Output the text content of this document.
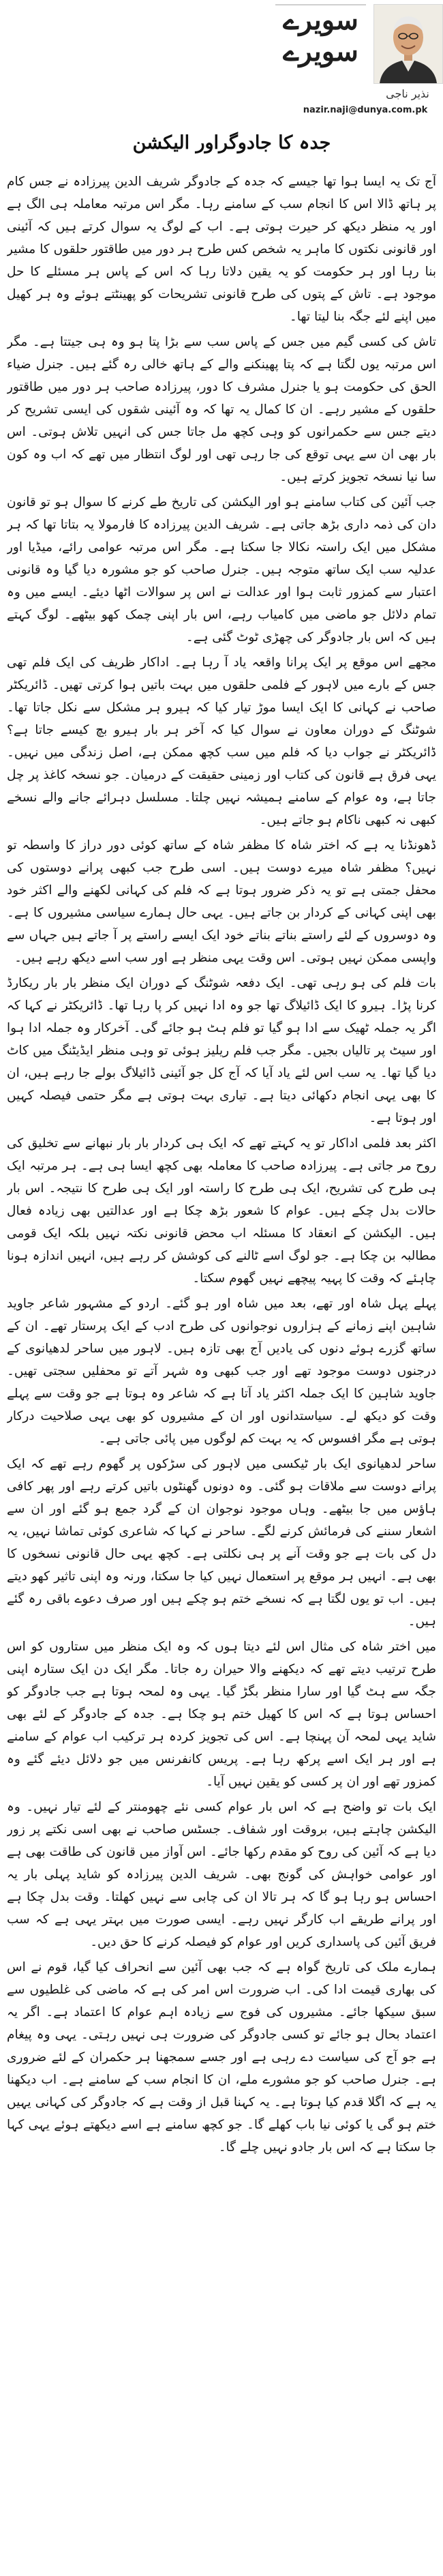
سویرے
سویرے
نذیر ناجی
nazir.naji@dunya.com.pk
جدہ کا جادوگراور الیکشن

آج تک یہ ایسا ہوا تھا جیسے کہ جدہ کے جادوگر شریف الدین پیرزادہ نے جس کام پر ہاتھ ڈالا اس کا انجام سب کے سامنے رہا۔ مگر اس مرتبہ معاملہ ہی الگ ہے اور یہ منظر دیکھ کر حیرت ہوتی ہے۔ اب کے لوگ یہ سوال کرتے ہیں کہ آئینی اور قانونی نکتوں کا ماہر یہ شخص کس طرح ہر دور میں طاقتور حلقوں کا مشیر بنا رہا اور ہر حکومت کو یہ یقین دلاتا رہا کہ اس کے پاس ہر مسئلے کا حل موجود ہے۔ تاش کے پتوں کی طرح قانونی تشریحات کو پھینٹتے ہوئے وہ ہر کھیل میں اپنے لئے جگہ بنا لیتا تھا۔

تاش کی کسی گیم میں جس کے پاس سب سے بڑا پتا ہو وہ ہی جیتتا ہے۔ مگر اس مرتبہ یوں لگتا ہے کہ پتا پھینکنے والے کے ہاتھ خالی رہ گئے ہیں۔ جنرل ضیاء الحق کی حکومت ہو یا جنرل مشرف کا دور، پیرزادہ صاحب ہر دور میں طاقتور حلقوں کے مشیر رہے۔ ان کا کمال یہ تھا کہ وہ آئینی شقوں کی ایسی تشریح کر دیتے جس سے حکمرانوں کو وہی کچھ مل جاتا جس کی انہیں تلاش ہوتی۔ اس بار بھی ان سے یہی توقع کی جا رہی تھی اور لوگ انتظار میں تھے کہ اب وہ کون سا نیا نسخہ تجویز کرتے ہیں۔

جب آئین کی کتاب سامنے ہو اور الیکشن کی تاریخ طے کرنے کا سوال ہو تو قانون دان کی ذمہ داری بڑھ جاتی ہے۔ شریف الدین پیرزادہ کا فارمولا یہ بتاتا تھا کہ ہر مشکل میں ایک راستہ نکالا جا سکتا ہے۔ مگر اس مرتبہ عوامی رائے، میڈیا اور عدلیہ سب ایک ساتھ متوجہ ہیں۔ جنرل صاحب کو جو مشورہ دیا گیا وہ قانونی اعتبار سے کمزور ثابت ہوا اور عدالت نے اس پر سوالات اٹھا دیئے۔ ایسے میں وہ تمام دلائل جو ماضی میں کامیاب رہے، اس بار اپنی چمک کھو بیٹھے۔ لوگ کہتے ہیں کہ اس بار جادوگر کی چھڑی ٹوٹ گئی ہے۔

مجھے اس موقع پر ایک پرانا واقعہ یاد آ رہا ہے۔ اداکار ظریف کی ایک فلم تھی جس کے بارے میں لاہور کے فلمی حلقوں میں بہت باتیں ہوا کرتی تھیں۔ ڈائریکٹر صاحب نے کہانی کا ایک ایسا موڑ تیار کیا کہ ہیرو ہر مشکل سے نکل جاتا تھا۔ شوٹنگ کے دوران معاون نے سوال کیا کہ آخر ہر بار ہیرو بچ کیسے جاتا ہے؟ ڈائریکٹر نے جواب دیا کہ فلم میں سب کچھ ممکن ہے، اصل زندگی میں نہیں۔ یہی فرق ہے قانون کی کتاب اور زمینی حقیقت کے درمیان۔ جو نسخہ کاغذ پر چل جاتا ہے، وہ عوام کے سامنے ہمیشہ نہیں چلتا۔ مسلسل دہرائے جانے والے نسخے کبھی نہ کبھی ناکام ہو جاتے ہیں۔

ڈھونڈنا یہ ہے کہ اختر شاہ کا مظفر شاہ کے ساتھ کوئی دور دراز کا واسطہ تو نہیں؟ مظفر شاہ میرے دوست ہیں۔ اسی طرح جب کبھی پرانے دوستوں کی محفل جمتی ہے تو یہ ذکر ضرور ہوتا ہے کہ فلم کی کہانی لکھنے والے اکثر خود بھی اپنی کہانی کے کردار بن جاتے ہیں۔ یہی حال ہمارے سیاسی مشیروں کا ہے۔ وہ دوسروں کے لئے راستے بناتے بناتے خود ایک ایسے راستے پر آ جاتے ہیں جہاں سے واپسی ممکن نہیں ہوتی۔ اس وقت یہی منظر ہے اور سب اسے دیکھ رہے ہیں۔

بات فلم کی ہو رہی تھی۔ ایک دفعہ شوٹنگ کے دوران ایک منظر بار بار ریکارڈ کرنا پڑا۔ ہیرو کا ایک ڈائیلاگ تھا جو وہ ادا نہیں کر پا رہا تھا۔ ڈائریکٹر نے کہا کہ اگر یہ جملہ ٹھیک سے ادا ہو گیا تو فلم ہٹ ہو جائے گی۔ آخرکار وہ جملہ ادا ہوا اور سیٹ پر تالیاں بجیں۔ مگر جب فلم ریلیز ہوئی تو وہی منظر ایڈیٹنگ میں کاٹ دیا گیا تھا۔ یہ سب اس لئے یاد آیا کہ آج کل جو آئینی ڈائیلاگ بولے جا رہے ہیں، ان کا بھی یہی انجام دکھائی دیتا ہے۔ تیاری بہت ہوتی ہے مگر حتمی فیصلہ کہیں اور ہوتا ہے۔

اکثر بعد فلمی اداکار تو یہ کہتے تھے کہ ایک ہی کردار بار بار نبھانے سے تخلیق کی روح مر جاتی ہے۔ پیرزادہ صاحب کا معاملہ بھی کچھ ایسا ہی ہے۔ ہر مرتبہ ایک ہی طرح کی تشریح، ایک ہی طرح کا راستہ اور ایک ہی طرح کا نتیجہ۔ اس بار حالات بدل چکے ہیں۔ عوام کا شعور بڑھ چکا ہے اور عدالتیں بھی زیادہ فعال ہیں۔ الیکشن کے انعقاد کا مسئلہ اب محض قانونی نکتہ نہیں بلکہ ایک قومی مطالبہ بن چکا ہے۔ جو لوگ اسے ٹالنے کی کوشش کر رہے ہیں، انہیں اندازہ ہونا چاہئے کہ وقت کا پہیہ پیچھے نہیں گھوم سکتا۔

پہلے پہل شاہ اور تھے، بعد میں شاہ اور ہو گئے۔ اردو کے مشہور شاعر جاوید شاہین اپنے زمانے کے ہزاروں نوجوانوں کی طرح ادب کے ایک پرستار تھے۔ ان کے ساتھ گزرے ہوئے دنوں کی یادیں آج بھی تازہ ہیں۔ لاہور میں ساحر لدھیانوی کے درجنوں دوست موجود تھے اور جب کبھی وہ شہر آتے تو محفلیں سجتی تھیں۔ جاوید شاہین کا ایک جملہ اکثر یاد آتا ہے کہ شاعر وہ ہوتا ہے جو وقت سے پہلے وقت کو دیکھ لے۔ سیاستدانوں اور ان کے مشیروں کو بھی یہی صلاحیت درکار ہوتی ہے مگر افسوس کہ یہ بہت کم لوگوں میں پائی جاتی ہے۔

ساحر لدھیانوی ایک بار ٹیکسی میں لاہور کی سڑکوں پر گھوم رہے تھے کہ ایک پرانے دوست سے ملاقات ہو گئی۔ وہ دونوں گھنٹوں باتیں کرتے رہے اور پھر کافی ہاؤس میں جا بیٹھے۔ وہاں موجود نوجوان ان کے گرد جمع ہو گئے اور ان سے اشعار سننے کی فرمائش کرنے لگے۔ ساحر نے کہا کہ شاعری کوئی تماشا نہیں، یہ دل کی بات ہے جو وقت آنے پر ہی نکلتی ہے۔ کچھ یہی حال قانونی نسخوں کا بھی ہے۔ انہیں ہر موقع پر استعمال نہیں کیا جا سکتا، ورنہ وہ اپنی تاثیر کھو دیتے ہیں۔ اب تو یوں لگتا ہے کہ نسخے ختم ہو چکے ہیں اور صرف دعوے باقی رہ گئے ہیں۔

میں اختر شاہ کی مثال اس لئے دیتا ہوں کہ وہ ایک منظر میں ستاروں کو اس طرح ترتیب دیتے تھے کہ دیکھنے والا حیران رہ جاتا۔ مگر ایک دن ایک ستارہ اپنی جگہ سے ہٹ گیا اور سارا منظر بگڑ گیا۔ یہی وہ لمحہ ہوتا ہے جب جادوگر کو احساس ہوتا ہے کہ اس کا کھیل ختم ہو چکا ہے۔ جدہ کے جادوگر کے لئے بھی شاید یہی لمحہ آن پہنچا ہے۔ اس کی تجویز کردہ ہر ترکیب اب عوام کے سامنے ہے اور ہر ایک اسے پرکھ رہا ہے۔ پریس کانفرنس میں جو دلائل دیئے گئے وہ کمزور تھے اور ان پر کسی کو یقین نہیں آیا۔

ایک بات تو واضح ہے کہ اس بار عوام کسی نئے چھومنتر کے لئے تیار نہیں۔ وہ الیکشن چاہتے ہیں، بروقت اور شفاف۔ جسٹس صاحب نے بھی اسی نکتے پر زور دیا ہے کہ آئین کی روح کو مقدم رکھا جائے۔ اس آواز میں قانون کی طاقت بھی ہے اور عوامی خواہش کی گونج بھی۔ شریف الدین پیرزادہ کو شاید پہلی بار یہ احساس ہو رہا ہو گا کہ ہر تالا ان کی چابی سے نہیں کھلتا۔ وقت بدل چکا ہے اور پرانے طریقے اب کارگر نہیں رہے۔ ایسی صورت میں بہتر یہی ہے کہ سب فریق آئین کی پاسداری کریں اور عوام کو فیصلہ کرنے کا حق دیں۔

ہمارے ملک کی تاریخ گواہ ہے کہ جب بھی آئین سے انحراف کیا گیا، قوم نے اس کی بھاری قیمت ادا کی۔ اب ضرورت اس امر کی ہے کہ ماضی کی غلطیوں سے سبق سیکھا جائے۔ مشیروں کی فوج سے زیادہ اہم عوام کا اعتماد ہے۔ اگر یہ اعتماد بحال ہو جائے تو کسی جادوگر کی ضرورت ہی نہیں رہتی۔ یہی وہ پیغام ہے جو آج کی سیاست دے رہی ہے اور جسے سمجھنا ہر حکمران کے لئے ضروری ہے۔ جنرل صاحب کو جو مشورے ملے، ان کا انجام سب کے سامنے ہے۔ اب دیکھنا یہ ہے کہ اگلا قدم کیا ہوتا ہے۔ یہ کہنا قبل از وقت ہے کہ جادوگر کی کہانی یہیں ختم ہو گی یا کوئی نیا باب کھلے گا۔ جو کچھ سامنے ہے اسے دیکھتے ہوئے یہی کہا جا سکتا ہے کہ اس بار جادو نہیں چلے گا۔
